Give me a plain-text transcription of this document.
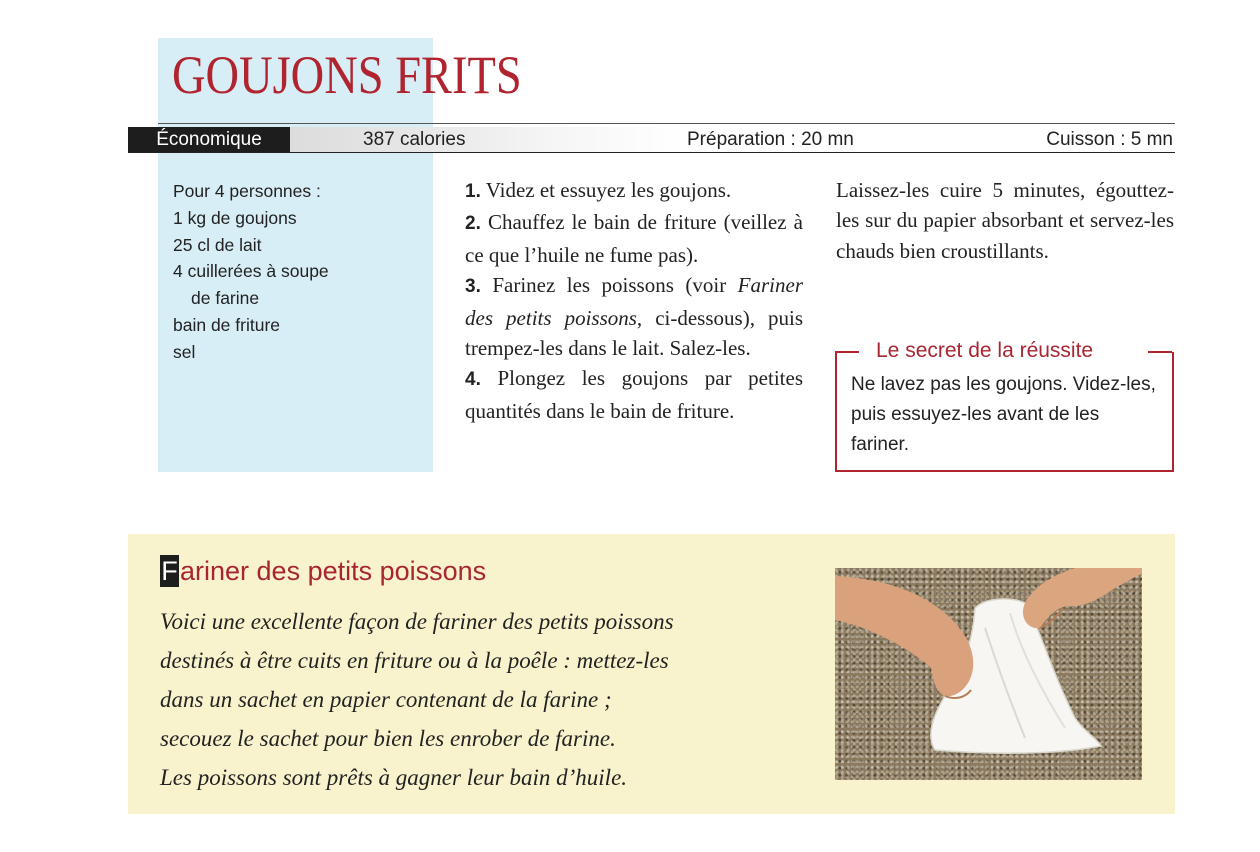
GOUJONS FRITS
Économique	387 calories	Préparation : 20 mn	Cuisson : 5 mn
Pour 4 personnes :
1 kg de goujons
25 cl de lait
4 cuillerées à soupe
de farine
bain de friture
sel

1. Videz et essuyez les goujons.

2. Chauffez le bain de friture (veillez à ce que l’huile ne fume pas).

3. Farinez les poissons (voir Fariner des petits poissons, ci-dessous), puis trempez-les dans le lait. Salez-les.

4. Plongez les goujons par petites quantités dans le bain de friture.

Laissez-les cuire 5 minutes, égouttez-les sur du papier absorbant et servez-les chauds bien croustillants.

Le secret de la réussite

Ne lavez pas les goujons. Videz-les, puis essuyez-les avant de les fariner.

Fariner des petits poissons
Voici une excellente façon de fariner des petits poissons
destinés à être cuits en friture ou à la poêle : mettez-les
dans un sachet en papier contenant de la farine ;
secouez le sachet pour bien les enrober de farine.
Les poissons sont prêts à gagner leur bain d’huile.
